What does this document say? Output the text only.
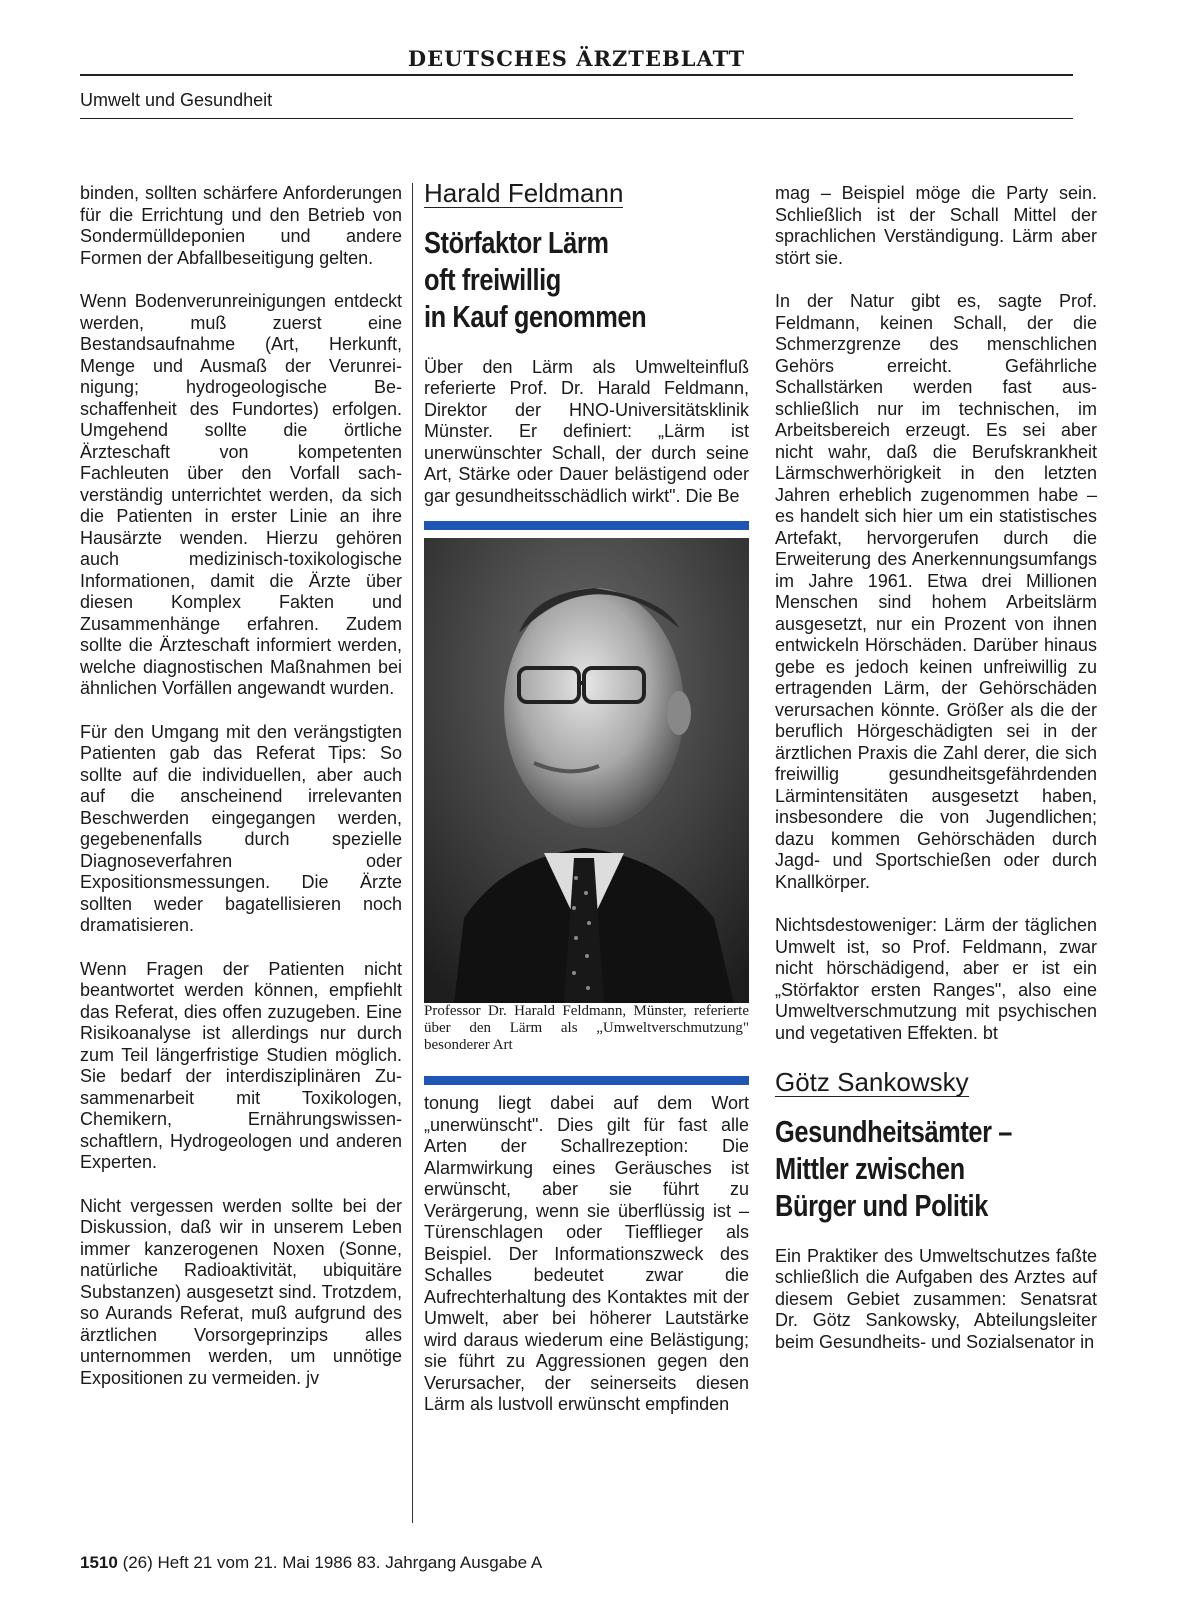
DEUTSCHES ÄRZTEBLATT
Umwelt und Gesundheit

binden, sollten schärfere Anforderungen für die Errichtung und den Betrieb von Sondermülldeponien und andere Formen der Abfallbeseitigung gelten.

Wenn Bodenverunreinigungen entdeckt werden, muß zuerst eine Bestandsaufnahme (Art, Herkunft, Menge und Ausmaß der Verunreinigung; hydrogeologische Beschaffenheit des Fundortes) erfolgen. Umgehend sollte die örtliche Ärzteschaft von kompetenten Fachleuten über den Vorfall sachverständig unterrichtet werden, da sich die Patienten in erster Linie an ihre Hausärzte wenden. Hierzu gehören auch medizinisch-toxikologische Informationen, damit die Ärzte über diesen Komplex Fakten und Zusammenhänge erfahren. Zudem sollte die Ärzteschaft informiert werden, welche diagnostischen Maßnahmen bei ähnlichen Vorfällen angewandt wurden.

Für den Umgang mit den verängstigten Patienten gab das Referat Tips: So sollte auf die individuellen, aber auch auf die anscheinend irrelevanten Beschwerden eingegangen werden, gegebenenfalls durch spezielle Diagnoseverfahren oder Expositionsmessungen. Die Ärzte sollten weder bagatellisieren noch dramatisieren.

Wenn Fragen der Patienten nicht beantwortet werden können, empfiehlt das Referat, dies offen zuzugeben. Eine Risikoanalyse ist allerdings nur durch zum Teil längerfristige Studien möglich. Sie bedarf der interdisziplinären Zusammenarbeit mit Toxikologen, Chemikern, Ernährungswissenschaftlern, Hydrogeologen und anderen Experten.

Nicht vergessen werden sollte bei der Diskussion, daß wir in unserem Leben immer kanzerogenen Noxen (Sonne, natürliche Radioaktivität, ubiquitäre Substanzen) ausgesetzt sind. Trotzdem, so Aurands Referat, muß aufgrund des ärztlichen Vorsorgeprinzips alles unternommen werden, um unnötige Expositionen zu vermeiden. jv

Harald Feldmann
Störfaktor Lärm
oft freiwillig
in Kauf genommen

Über den Lärm als Umwelteinfluß referierte Prof. Dr. Harald Feldmann, Direktor der HNO-Universitätsklinik Münster. Er definiert: „Lärm ist unerwünschter Schall, der durch seine Art, Stärke oder Dauer belästigend oder gar gesundheitsschädlich wirkt". Die Be

Professor Dr. Harald Feldmann, Münster, referierte über den Lärm als „Umweltverschmutzung" besonderer Art

tonung liegt dabei auf dem Wort „unerwünscht". Dies gilt für fast alle Arten der Schallrezeption: Die Alarmwirkung eines Geräusches ist erwünscht, aber sie führt zu Verärgerung, wenn sie überflüssig ist – Türenschlagen oder Tiefflieger als Beispiel. Der Informationszweck des Schalles bedeutet zwar die Aufrechterhaltung des Kontaktes mit der Umwelt, aber bei höherer Lautstärke wird daraus wiederum eine Belästigung; sie führt zu Aggressionen gegen den Verursacher, der seinerseits diesen Lärm als lustvoll erwünscht empfinden

mag – Beispiel möge die Party sein. Schließlich ist der Schall Mittel der sprachlichen Verständigung. Lärm aber stört sie.

In der Natur gibt es, sagte Prof. Feldmann, keinen Schall, der die Schmerzgrenze des menschlichen Gehörs erreicht. Gefährliche Schallstärken werden fast ausschließlich nur im technischen, im Arbeitsbereich erzeugt. Es sei aber nicht wahr, daß die Berufskrankheit Lärmschwerhörigkeit in den letzten Jahren erheblich zugenommen habe – es handelt sich hier um ein statistisches Artefakt, hervorgerufen durch die Erweiterung des Anerkennungsumfangs im Jahre 1961. Etwa drei Millionen Menschen sind hohem Arbeitslärm ausgesetzt, nur ein Prozent von ihnen entwickeln Hörschäden. Darüber hinaus gebe es jedoch keinen unfreiwillig zu ertragenden Lärm, der Gehörschäden verursachen könnte. Größer als die der beruflich Hörgeschädigten sei in der ärztlichen Praxis die Zahl derer, die sich freiwillig gesundheitsgefährdenden Lärmintensitäten ausgesetzt haben, insbesondere die von Jugendlichen; dazu kommen Gehörschäden durch Jagd- und Sportschießen oder durch Knallkörper.

Nichtsdestoweniger: Lärm der täglichen Umwelt ist, so Prof. Feldmann, zwar nicht hörschädigend, aber er ist ein „Störfaktor ersten Ranges", also eine Umweltverschmutzung mit psychischen und vegetativen Effekten. bt

Götz Sankowsky
Gesundheitsämter –
Mittler zwischen
Bürger und Politik

Ein Praktiker des Umweltschutzes faßte schließlich die Aufgaben des Arztes auf diesem Gebiet zusammen: Senatsrat Dr. Götz Sankowsky, Abteilungsleiter beim Gesundheits- und Sozialsenator in

1510 (26) Heft 21 vom 21. Mai 1986 83. Jahrgang Ausgabe A
